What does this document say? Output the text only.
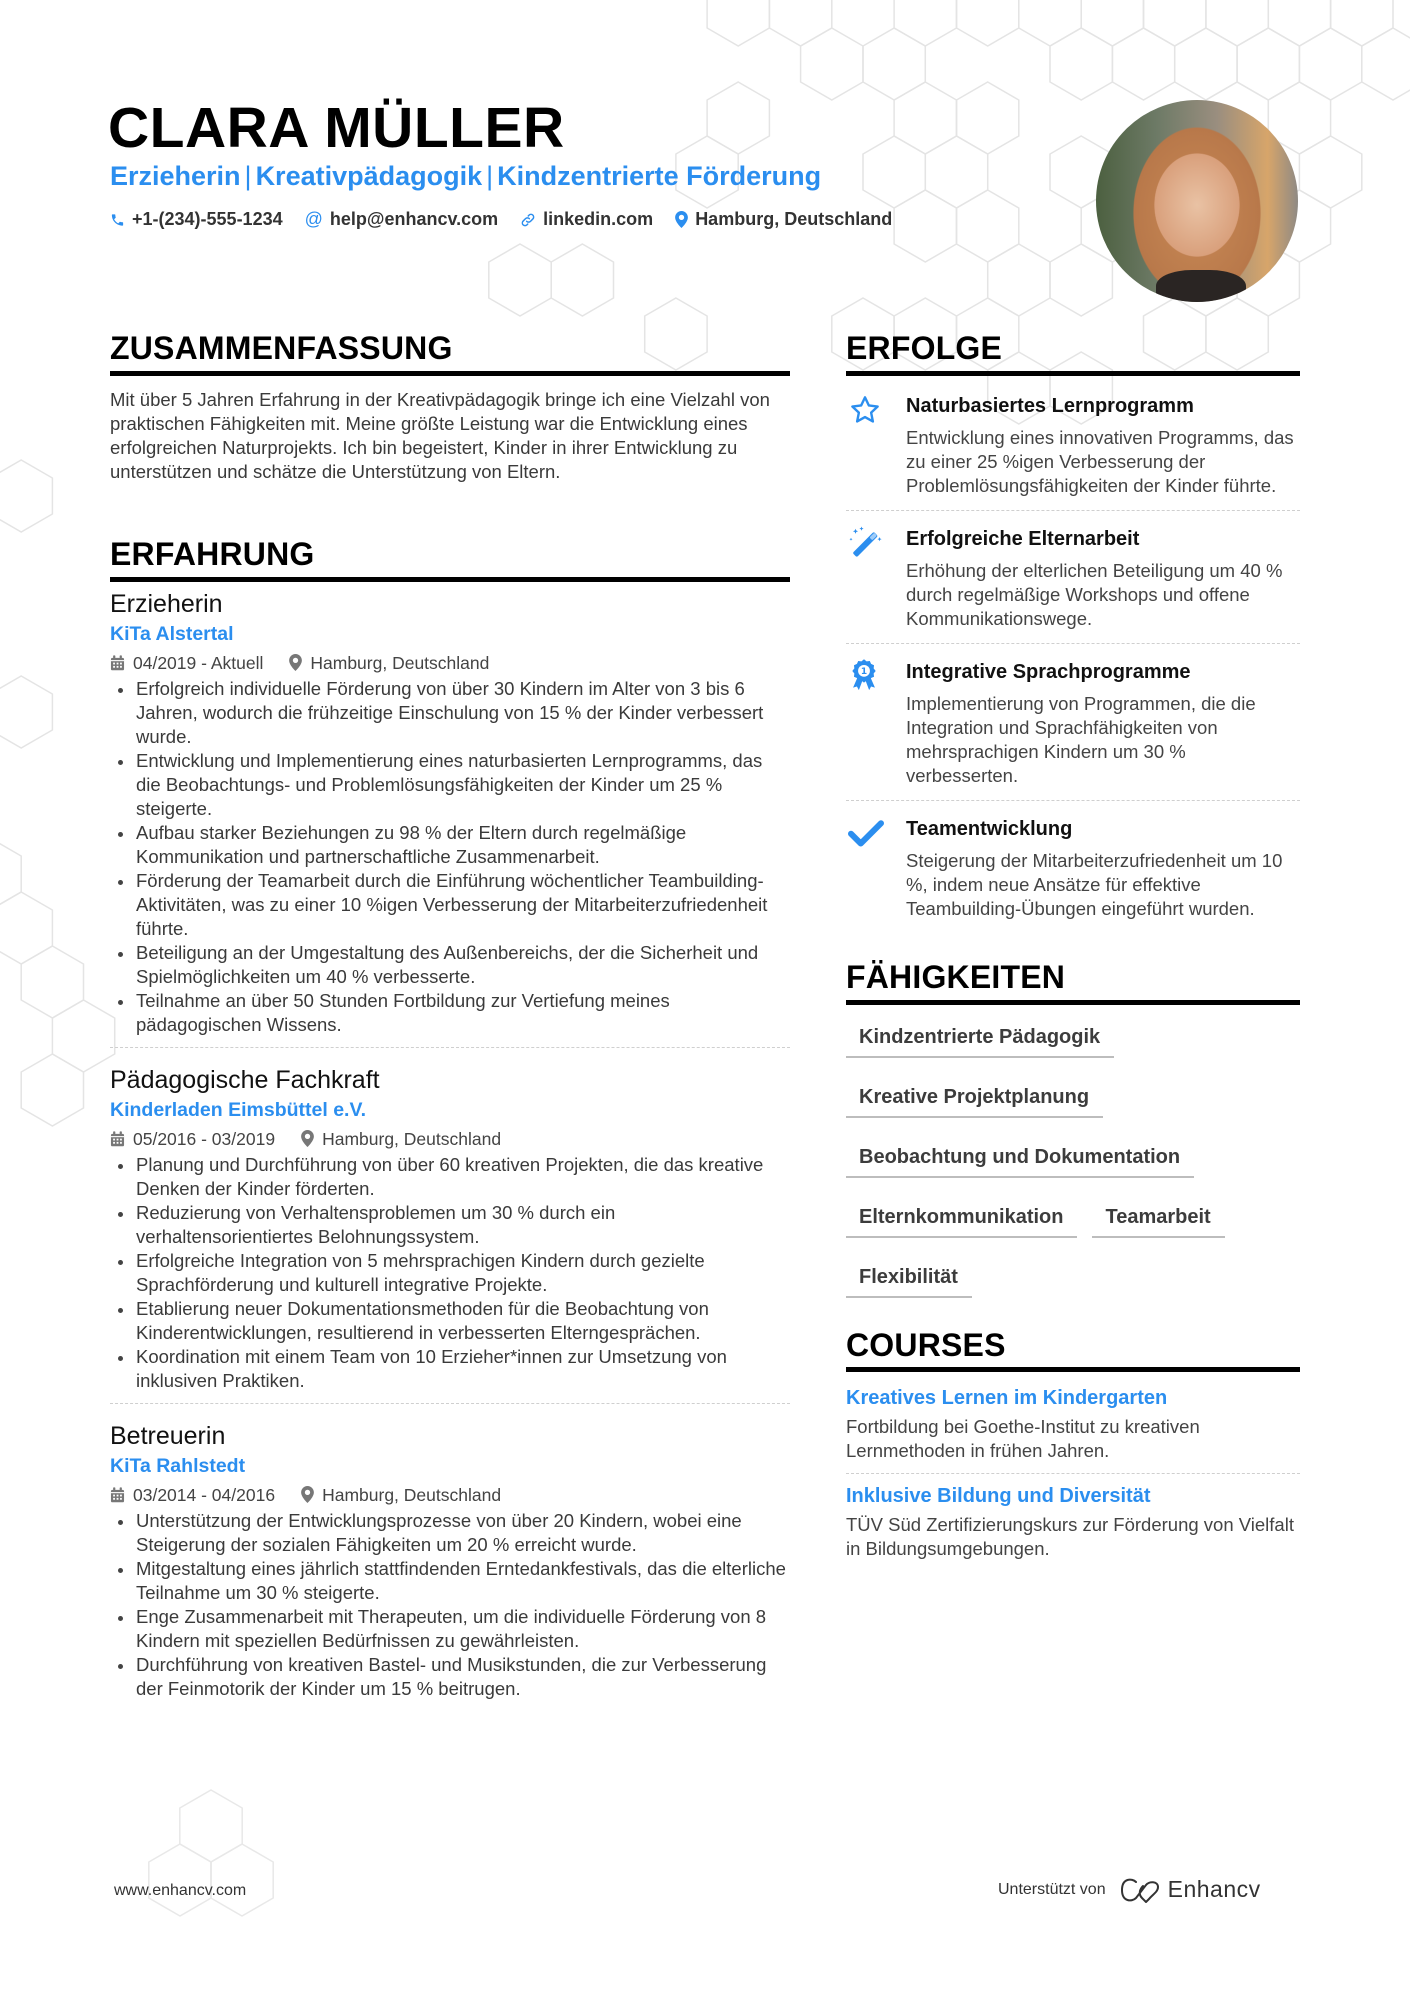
CLARA MÜLLER
Erzieherin | Kreativpädagogik | Kindzentrierte Förderung
+1-(234)-555-1234 @ help@enhancv.com	linkedin.com Hamburg, Deutschland
ZUSAMMENFASSUNG

Mit über 5 Jahren Erfahrung in der Kreativpädagogik bringe ich eine Vielzahl von praktischen Fähigkeiten mit. Meine größte Leistung war die Entwicklung eines erfolgreichen Naturprojekts. Ich bin begeistert, Kinder in ihrer Entwicklung zu unterstützen und schätze die Unterstützung von Eltern.

ERFAHRUNG
Erzieherin
KiTa Alstertal
04/2019 - Aktuell	Hamburg, Deutschland
Erfolgreich individuelle Förderung von über 30 Kindern im Alter von 3 bis 6 Jahren, wodurch die frühzeitige Einschulung von 15 % der Kinder verbessert wurde.
Entwicklung und Implementierung eines naturbasierten Lernprogramms, das die Beobachtungs- und Problemlösungsfähigkeiten der Kinder um 25 % steigerte.
Aufbau starker Beziehungen zu 98 % der Eltern durch regelmäßige Kommunikation und partnerschaftliche Zusammenarbeit.
Förderung der Teamarbeit durch die Einführung wöchentlicher Teambuilding-Aktivitäten, was zu einer 10 %igen Verbesserung der Mitarbeiterzufriedenheit führte.
Beteiligung an der Umgestaltung des Außenbereichs, der die Sicherheit und Spielmöglichkeiten um 40 % verbesserte.
Teilnahme an über 50 Stunden Fortbildung zur Vertiefung meines pädagogischen Wissens.
Pädagogische Fachkraft
Kinderladen Eimsbüttel e.V.
05/2016 - 03/2019	Hamburg, Deutschland
Planung und Durchführung von über 60 kreativen Projekten, die das kreative Denken der Kinder förderten.
Reduzierung von Verhaltensproblemen um 30 % durch ein verhaltensorientiertes Belohnungssystem.
Erfolgreiche Integration von 5 mehrsprachigen Kindern durch gezielte Sprachförderung und kulturell integrative Projekte.
Etablierung neuer Dokumentationsmethoden für die Beobachtung von Kinderentwicklungen, resultierend in verbesserten Elterngesprächen.
Koordination mit einem Team von 10 Erzieher*innen zur Umsetzung von inklusiven Praktiken.
Betreuerin
KiTa Rahlstedt
03/2014 - 04/2016	Hamburg, Deutschland
Unterstützung der Entwicklungsprozesse von über 20 Kindern, wobei eine Steigerung der sozialen Fähigkeiten um 20 % erreicht wurde.
Mitgestaltung eines jährlich stattfindenden Erntedankfestivals, das die elterliche Teilnahme um 30 % steigerte.
Enge Zusammenarbeit mit Therapeuten, um die individuelle Förderung von 8 Kindern mit speziellen Bedürfnissen zu gewährleisten.
Durchführung von kreativen Bastel- und Musikstunden, die zur Verbesserung der Feinmotorik der Kinder um 15 % beitrugen.
ERFOLGE
Naturbasiertes Lernprogramm
Entwicklung eines innovativen Programms, das zu einer 25 %igen Verbesserung der Problemlösungsfähigkeiten der Kinder führte.
Erfolgreiche Elternarbeit
Erhöhung der elterlichen Beteiligung um 40 % durch regelmäßige Workshops und offene Kommunikationswege.
1 Integrative Sprachprogramme
Implementierung von Programmen, die die Integration und Sprachfähigkeiten von mehrsprachigen Kindern um 30 % verbesserten.
Teamentwicklung
Steigerung der Mitarbeiterzufriedenheit um 10 %, indem neue Ansätze für effektive Teambuilding-Übungen eingeführt wurden.
FÄHIGKEITEN
Kindzentrierte Pädagogik
Kreative Projektplanung
Beobachtung und Dokumentation
Elternkommunikation	Teamarbeit
Flexibilität
COURSES
Kreatives Lernen im Kindergarten
Fortbildung bei Goethe-Institut zu kreativen Lernmethoden in frühen Jahren.
Inklusive Bildung und Diversität
TÜV Süd Zertifizierungskurs zur Förderung von Vielfalt in Bildungsumgebungen.
www.enhancv.com	Unterstützt von	Enhancv
